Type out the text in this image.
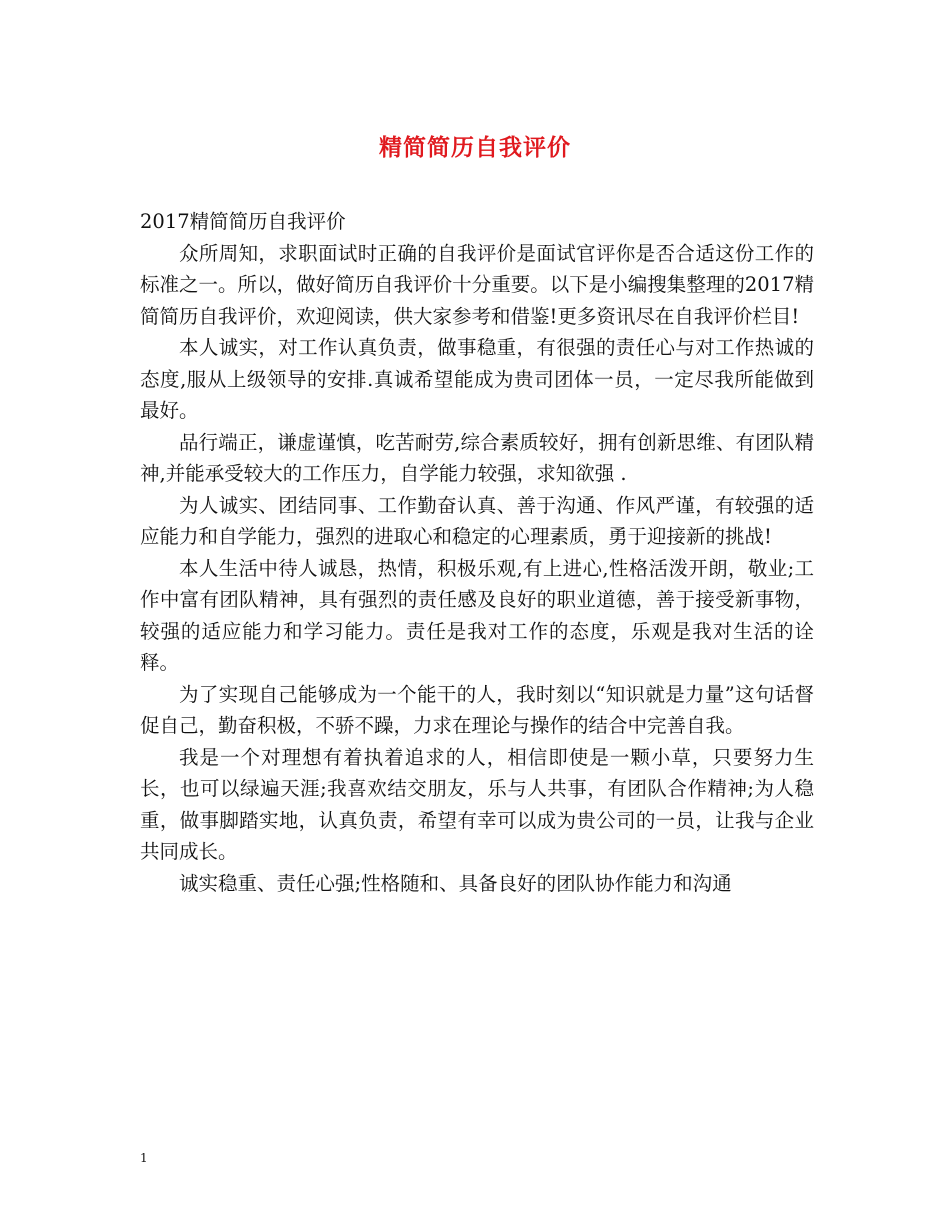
精简简历自我评价

2017精简简历自我评价

众所周知，求职面试时正确的自我评价是面试官评你是否合适这份工作的标准之一。所以，做好简历自我评价十分重要。以下是小编搜集整理的2017精简简历自我评价，欢迎阅读，供大家参考和借鉴!更多资讯尽在自我评价栏目!

本人诚实，对工作认真负责，做事稳重，有很强的责任心与对工作热诚的态度,服从上级领导的安排.真诚希望能成为贵司团体一员，一定尽我所能做到最好。

品行端正，谦虚谨慎，吃苦耐劳,综合素质较好，拥有创新思维、有团队精神,并能承受较大的工作压力，自学能力较强，求知欲强 .

为人诚实、团结同事、工作勤奋认真、善于沟通、作风严谨，有较强的适应能力和自学能力，强烈的进取心和稳定的心理素质，勇于迎接新的挑战!

本人生活中待人诚恳，热情，积极乐观,有上进心,性格活泼开朗，敬业;工作中富有团队精神，具有强烈的责任感及良好的职业道德，善于接受新事物，较强的适应能力和学习能力。责任是我对工作的态度，乐观是我对生活的诠释。

为了实现自己能够成为一个能干的人，我时刻以“知识就是力量”这句话督促自己，勤奋积极，不骄不躁，力求在理论与操作的结合中完善自我。

我是一个对理想有着执着追求的人，相信即使是一颗小草，只要努力生长，也可以绿遍天涯;我喜欢结交朋友，乐与人共事，有团队合作精神;为人稳重，做事脚踏实地，认真负责，希望有幸可以成为贵公司的一员，让我与企业共同成长。

诚实稳重、责任心强;性格随和、具备良好的团队协作能力和沟通

1
